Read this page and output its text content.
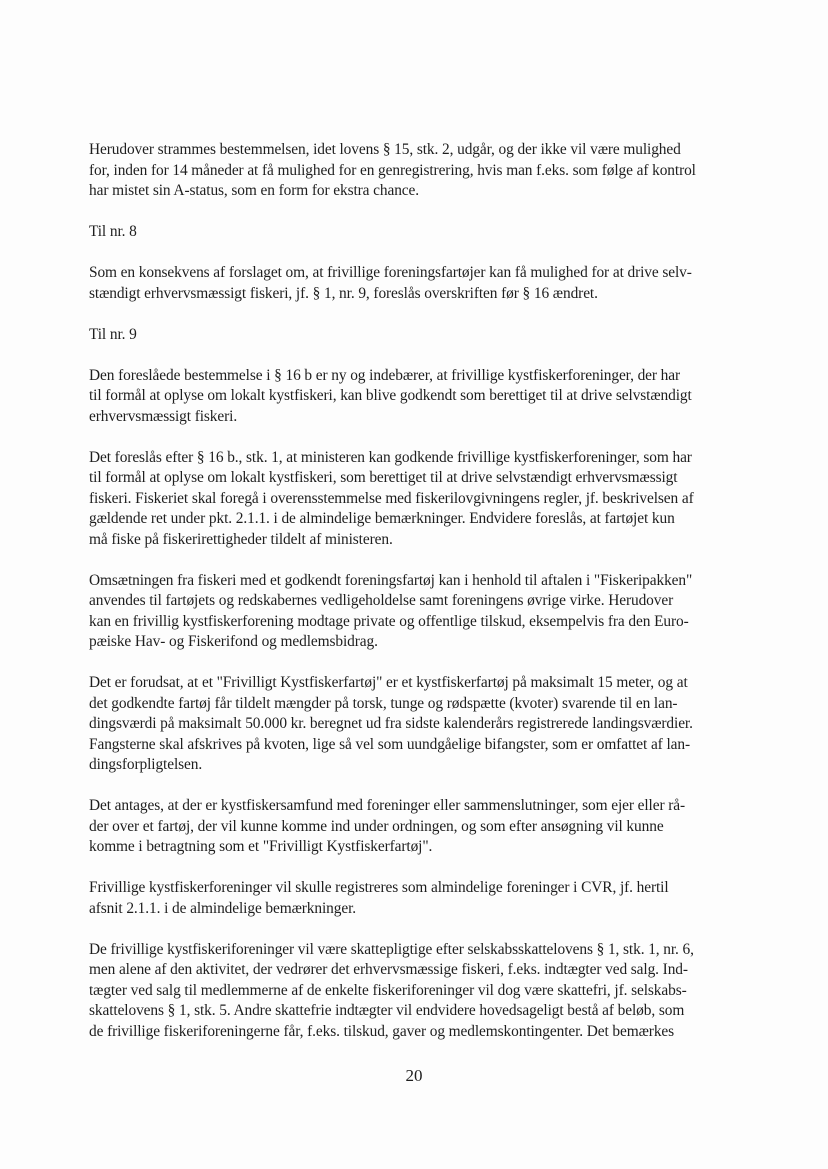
Herudover strammes bestemmelsen, idet lovens § 15, stk. 2, udgår, og der ikke vil være mulighed
for, inden for 14 måneder at få mulighed for en genregistrering, hvis man f.eks. som følge af kontrol
har mistet sin A-status, som en form for ekstra chance.
Til nr. 8
Som en konsekvens af forslaget om, at frivillige foreningsfartøjer kan få mulighed for at drive selv-
stændigt erhvervsmæssigt fiskeri, jf. § 1, nr. 9, foreslås overskriften før § 16 ændret.
Til nr. 9
Den foreslåede bestemmelse i § 16 b er ny og indebærer, at frivillige kystfiskerforeninger, der har
til formål at oplyse om lokalt kystfiskeri, kan blive godkendt som berettiget til at drive selvstændigt
erhvervsmæssigt fiskeri.
Det foreslås efter § 16 b., stk. 1, at ministeren kan godkende frivillige kystfiskerforeninger, som har
til formål at oplyse om lokalt kystfiskeri, som berettiget til at drive selvstændigt erhvervsmæssigt
fiskeri. Fiskeriet skal foregå i overensstemmelse med fiskerilovgivningens regler, jf. beskrivelsen af
gældende ret under pkt. 2.1.1. i de almindelige bemærkninger. Endvidere foreslås, at fartøjet kun
må fiske på fiskerirettigheder tildelt af ministeren.
Omsætningen fra fiskeri med et godkendt foreningsfartøj kan i henhold til aftalen i "Fiskeripakken"
anvendes til fartøjets og redskabernes vedligeholdelse samt foreningens øvrige virke. Herudover
kan en frivillig kystfiskerforening modtage private og offentlige tilskud, eksempelvis fra den Euro-
pæiske Hav- og Fiskerifond og medlemsbidrag.
Det er forudsat, at et "Frivilligt Kystfiskerfartøj" er et kystfiskerfartøj på maksimalt 15 meter, og at
det godkendte fartøj får tildelt mængder på torsk, tunge og rødspætte (kvoter) svarende til en lan-
dingsværdi på maksimalt 50.000 kr. beregnet ud fra sidste kalenderårs registrerede landingsværdier.
Fangsterne skal afskrives på kvoten, lige så vel som uundgåelige bifangster, som er omfattet af lan-
dingsforpligtelsen.
Det antages, at der er kystfiskersamfund med foreninger eller sammenslutninger, som ejer eller rå-
der over et fartøj, der vil kunne komme ind under ordningen, og som efter ansøgning vil kunne
komme i betragtning som et "Frivilligt Kystfiskerfartøj".
Frivillige kystfiskerforeninger vil skulle registreres som almindelige foreninger i CVR, jf. hertil
afsnit 2.1.1. i de almindelige bemærkninger.
De frivillige kystfiskeriforeninger vil være skattepligtige efter selskabsskattelovens § 1, stk. 1, nr. 6,
men alene af den aktivitet, der vedrører det erhvervsmæssige fiskeri, f.eks. indtægter ved salg. Ind-
tægter ved salg til medlemmerne af de enkelte fiskeriforeninger vil dog være skattefri, jf. selskabs-
skattelovens § 1, stk. 5. Andre skattefrie indtægter vil endvidere hovedsageligt bestå af beløb, som
de frivillige fiskeriforeningerne får, f.eks. tilskud, gaver og medlemskontingenter. Det bemærkes
20
